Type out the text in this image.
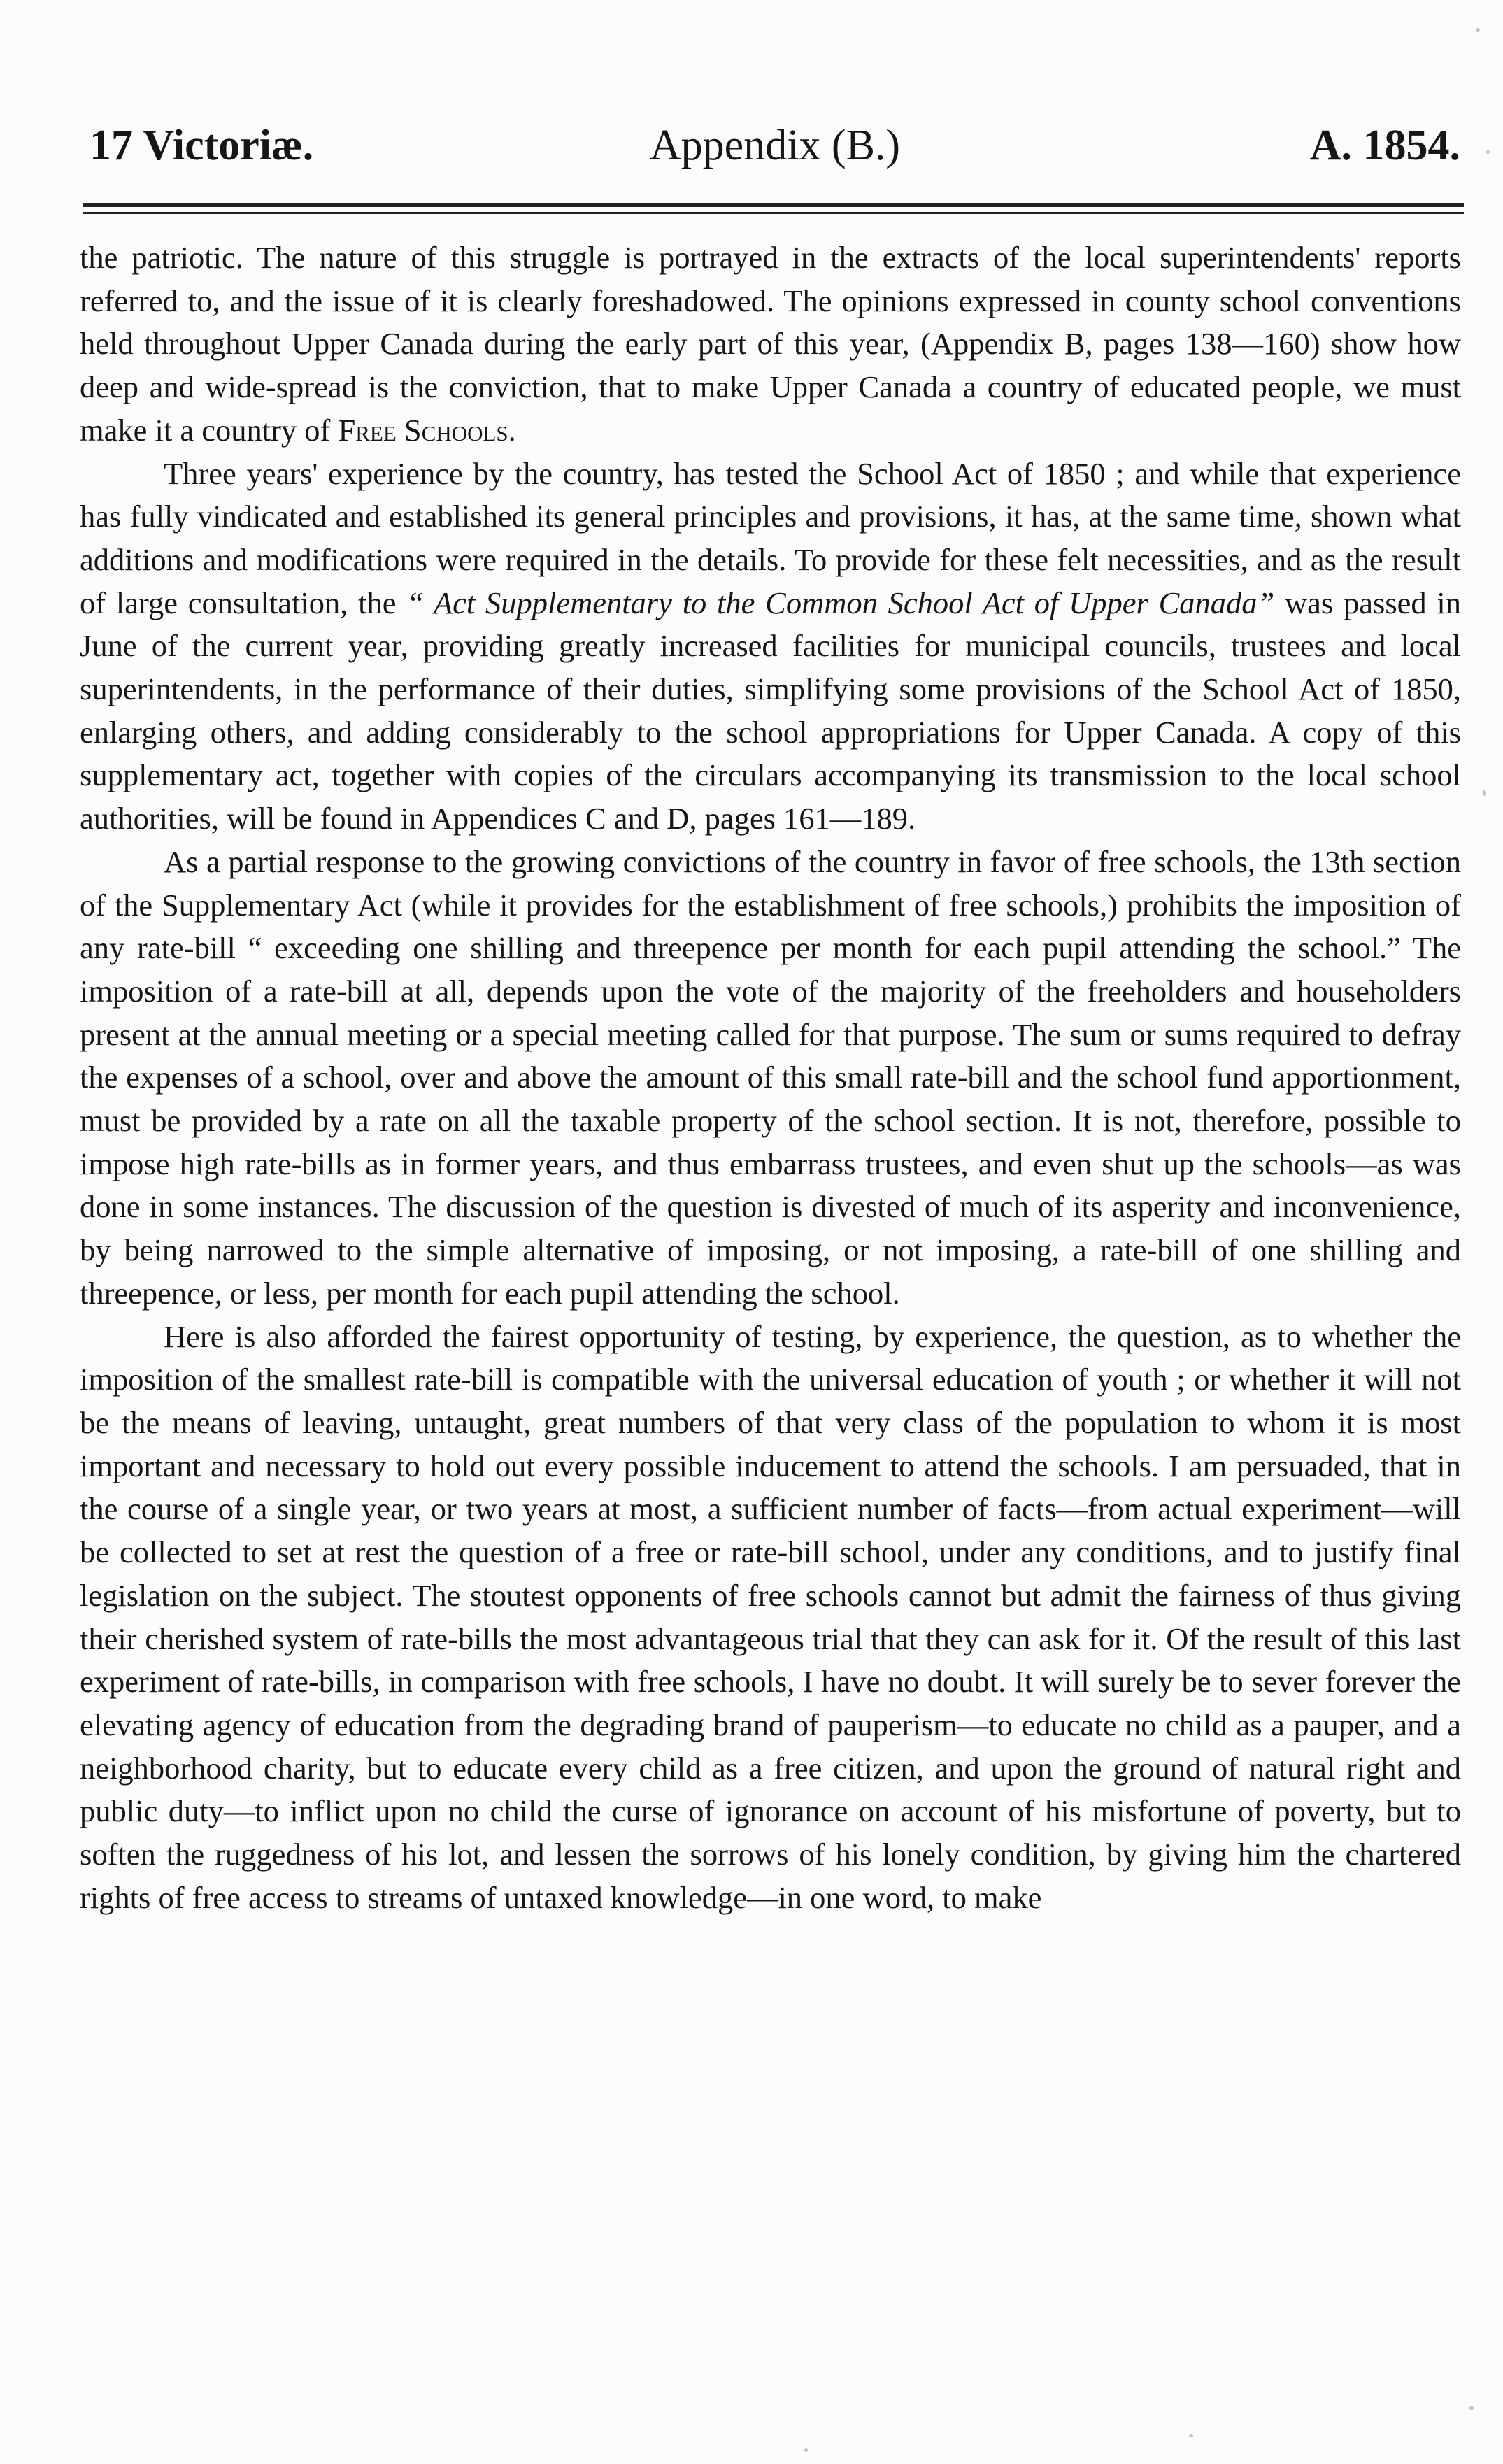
17 Victoriæ.	Appendix (B.)	A. 1854.

the patriotic. The nature of this struggle is portrayed in the extracts of the local superintendents' reports referred to, and the issue of it is clearly foreshadowed. The opinions expressed in county school conventions held throughout Upper Canada during the early part of this year, (Appendix B, pages 138—160) show how deep and wide-spread is the conviction, that to make Upper Canada a country of educated people, we must make it a country of Free Schools.

Three years' experience by the country, has tested the School Act of 1850 ; and while that experience has fully vindicated and established its general principles and provisions, it has, at the same time, shown what additions and modifications were required in the details. To provide for these felt necessities, and as the result of large consultation, the “ Act Supplementary to the Common School Act of Upper Canada” was passed in June of the current year, providing greatly increased facilities for municipal councils, trustees and local superintendents, in the performance of their duties, simplifying some provisions of the School Act of 1850, enlarging others, and adding considerably to the school appropriations for Upper Canada. A copy of this supplementary act, together with copies of the circulars accompanying its transmission to the local school authorities, will be found in Appendices C and D, pages 161—189.

As a partial response to the growing convictions of the country in favor of free schools, the 13th section of the Supplementary Act (while it provides for the establishment of free schools,) prohibits the imposition of any rate-bill “ exceeding one shilling and threepence per month for each pupil attending the school.” The imposition of a rate-bill at all, depends upon the vote of the majority of the freeholders and householders present at the annual meeting or a special meeting called for that purpose. The sum or sums required to defray the expenses of a school, over and above the amount of this small rate-bill and the school fund apportionment, must be provided by a rate on all the taxable property of the school section. It is not, therefore, possible to impose high rate-bills as in former years, and thus embarrass trustees, and even shut up the schools—as was done in some instances. The discussion of the question is divested of much of its asperity and inconvenience, by being narrowed to the simple alternative of imposing, or not imposing, a rate-bill of one shilling and threepence, or less, per month for each pupil attending the school.

Here is also afforded the fairest opportunity of testing, by experience, the question, as to whether the imposition of the smallest rate-bill is compatible with the universal education of youth ; or whether it will not be the means of leaving, untaught, great numbers of that very class of the population to whom it is most important and necessary to hold out every possible inducement to attend the schools. I am persuaded, that in the course of a single year, or two years at most, a sufficient number of facts—from actual experiment—will be collected to set at rest the question of a free or rate-bill school, under any conditions, and to justify final legislation on the subject. The stoutest opponents of free schools cannot but admit the fairness of thus giving their cherished system of rate-bills the most advantageous trial that they can ask for it. Of the result of this last experiment of rate-bills, in comparison with free schools, I have no doubt. It will surely be to sever forever the elevating agency of education from the degrading brand of pauperism—to educate no child as a pauper, and a neighborhood charity, but to educate every child as a free citizen, and upon the ground of natural right and public duty—to inflict upon no child the curse of ignorance on account of his misfortune of poverty, but to soften the ruggedness of his lot, and lessen the sorrows of his lonely condition, by giving him the chartered rights of free access to streams of untaxed knowledge—in one word, to make
